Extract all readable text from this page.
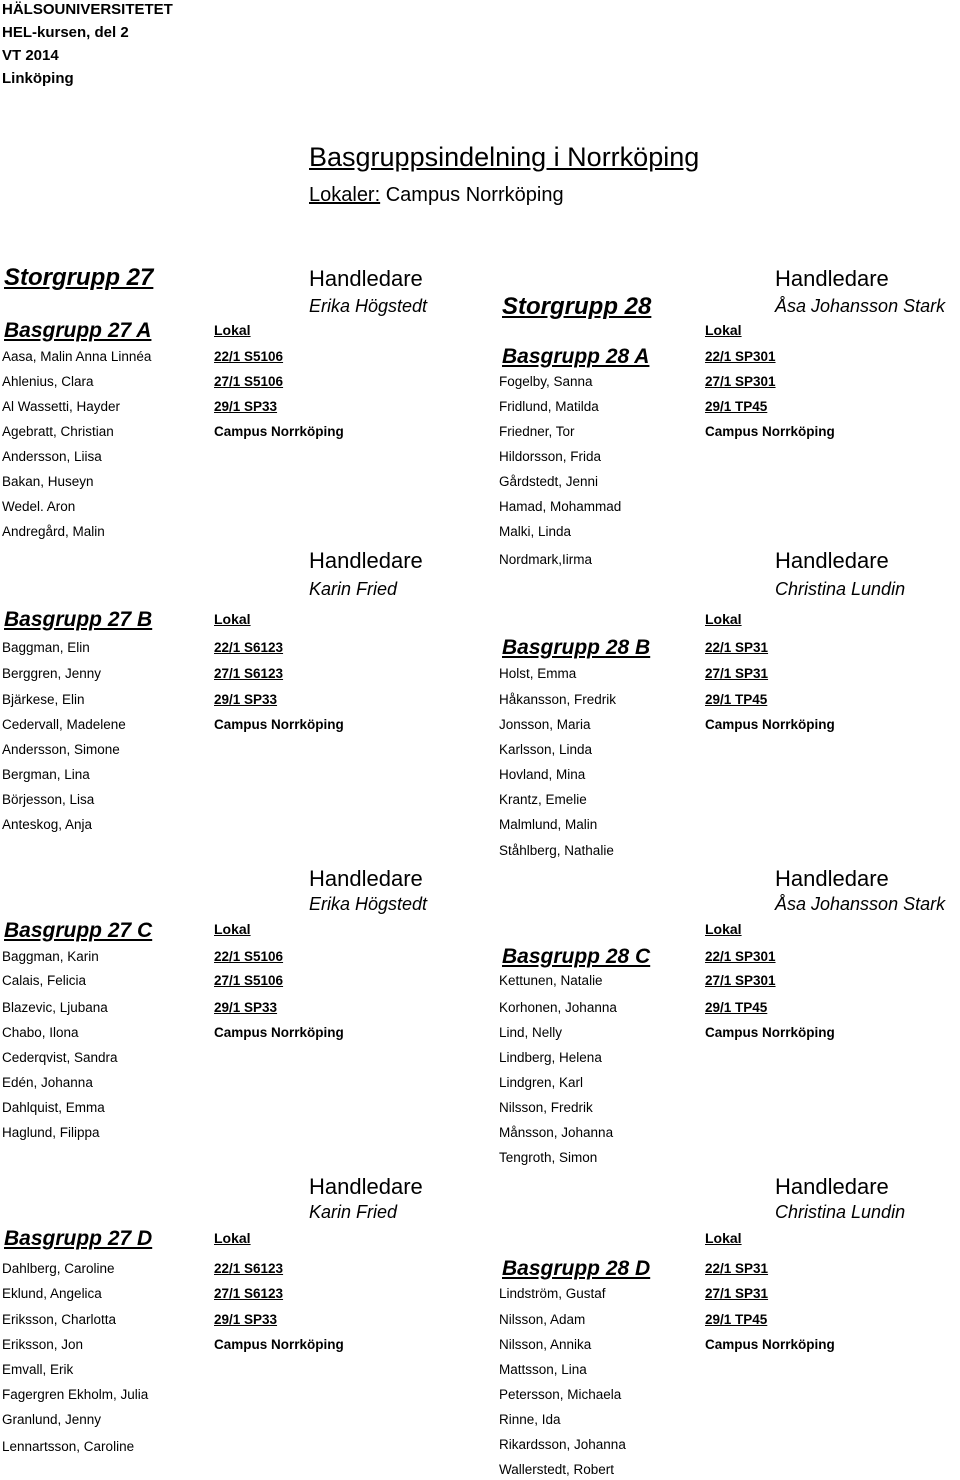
HÄLSOUNIVERSITETET
HEL-kursen, del 2
VT 2014
Linköping
Basgruppsindelning i Norrköping
Lokaler: Campus Norrköping
Storgrupp 27
Storgrupp 28
Handledare
Erika Högstedt
Basgrupp 27 A	Lokal
22/1 S5106
27/1 S5106
29/1 SP33
Campus Norrköping
Aasa, Malin Anna Linnéa
Ahlenius, Clara
Al Wassetti, Hayder
Agebratt, Christian
Andersson, Liisa
Bakan, Huseyn
Wedel. Aron
Andregård, Malin
Handledare
Åsa Johansson Stark
Basgrupp 28 A
Lokal
22/1 SP301
27/1 SP301
29/1 TP45
Campus Norrköping
Fogelby, Sanna
Fridlund, Matilda
Friedner, Tor
Hildorsson, Frida
Gårdstedt, Jenni
Hamad, Mohammad
Malki, Linda
Nordmark,Iirma
Handledare
Karin Fried
Basgrupp 27 B	Lokal
22/1 S6123
27/1 S6123
29/1 SP33
Campus Norrköping
Baggman, Elin
Berggren, Jenny
Bjärkese, Elin
Cedervall, Madelene
Andersson, Simone
Bergman, Lina
Börjesson, Lisa
Anteskog, Anja
Handledare
Christina Lundin
Basgrupp 28 B
Lokal
22/1 SP31
27/1 SP31
29/1 TP45
Campus Norrköping
Holst, Emma
Håkansson, Fredrik
Jonsson, Maria
Karlsson, Linda
Hovland, Mina
Krantz, Emelie
Malmlund, Malin
Ståhlberg, Nathalie
Handledare
Erika Högstedt
Basgrupp 27 C	Lokal
22/1 S5106
27/1 S5106
29/1 SP33
Campus Norrköping
Baggman, Karin
Calais, Felicia
Blazevic, Ljubana
Chabo, Ilona
Cederqvist, Sandra
Edén, Johanna
Dahlquist, Emma
Haglund, Filippa
Handledare
Åsa Johansson Stark
Basgrupp 28 C
Lokal
22/1 SP301
27/1 SP301
29/1 TP45
Campus Norrköping
Kettunen, Natalie
Korhonen, Johanna
Lind, Nelly
Lindberg, Helena
Lindgren, Karl
Nilsson, Fredrik
Månsson, Johanna
Tengroth, Simon
Handledare
Karin Fried
Basgrupp 27 D	Lokal
22/1 S6123
27/1 S6123
29/1 SP33
Campus Norrköping
Dahlberg, Caroline
Eklund, Angelica
Eriksson, Charlotta
Eriksson, Jon
Emvall, Erik
Fagergren Ekholm, Julia
Granlund, Jenny
Lennartsson, Caroline
Handledare
Christina Lundin
Basgrupp 28 D
Lokal
22/1 SP31
27/1 SP31
29/1 TP45
Campus Norrköping
Lindström, Gustaf
Nilsson, Adam
Nilsson, Annika
Mattsson, Lina
Petersson, Michaela
Rinne, Ida
Rikardsson, Johanna
Wallerstedt, Robert
